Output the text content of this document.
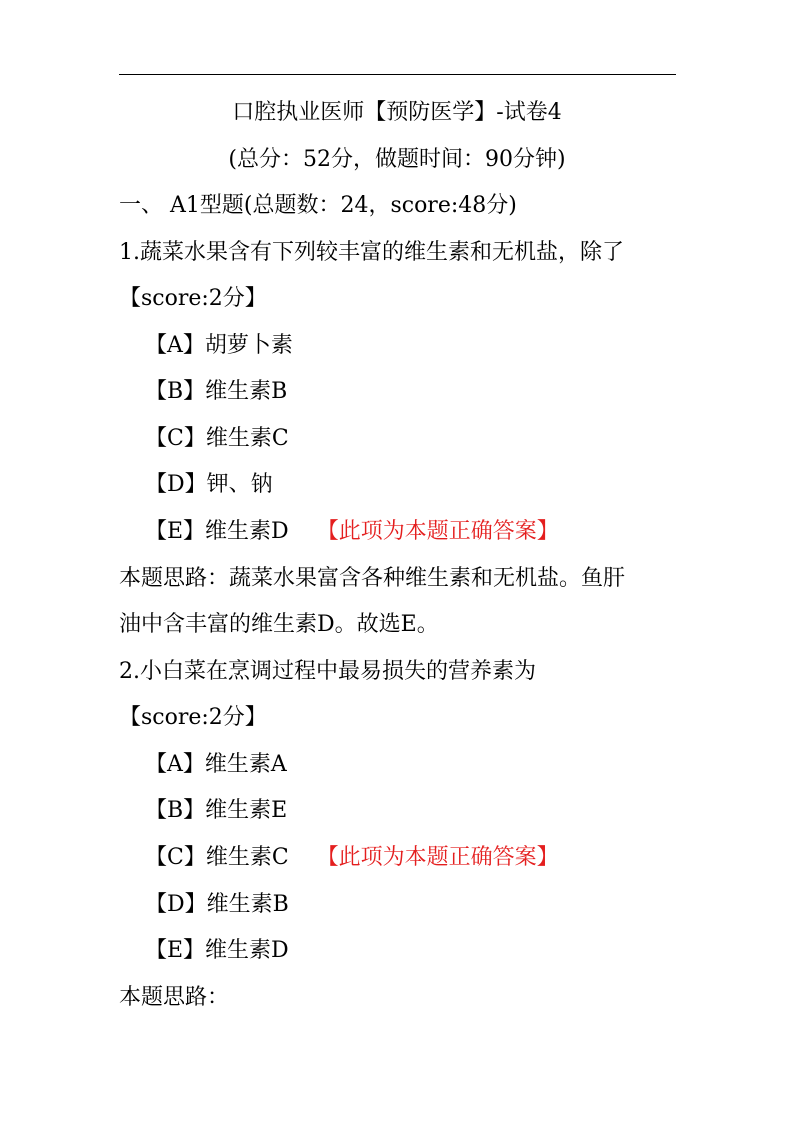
口腔执业医师【预防医学】-试卷4
(总分：52分，做题时间：90分钟)
一、 A1型题(总题数：24，score:48分)
1.蔬菜水果含有下列较丰富的维生素和无机盐，除了
【score:2分】
【A】胡萝卜素
【B】维生素B
【C】维生素C
【D】钾、钠
【E】维生素D 【此项为本题正确答案】
本题思路：蔬菜水果富含各种维生素和无机盐。鱼肝
油中含丰富的维生素D。故选E。
2.小白菜在烹调过程中最易损失的营养素为
【score:2分】
【A】维生素A
【B】维生素E
【C】维生素C 【此项为本题正确答案】
【D】维生素B
【E】维生素D
本题思路：
